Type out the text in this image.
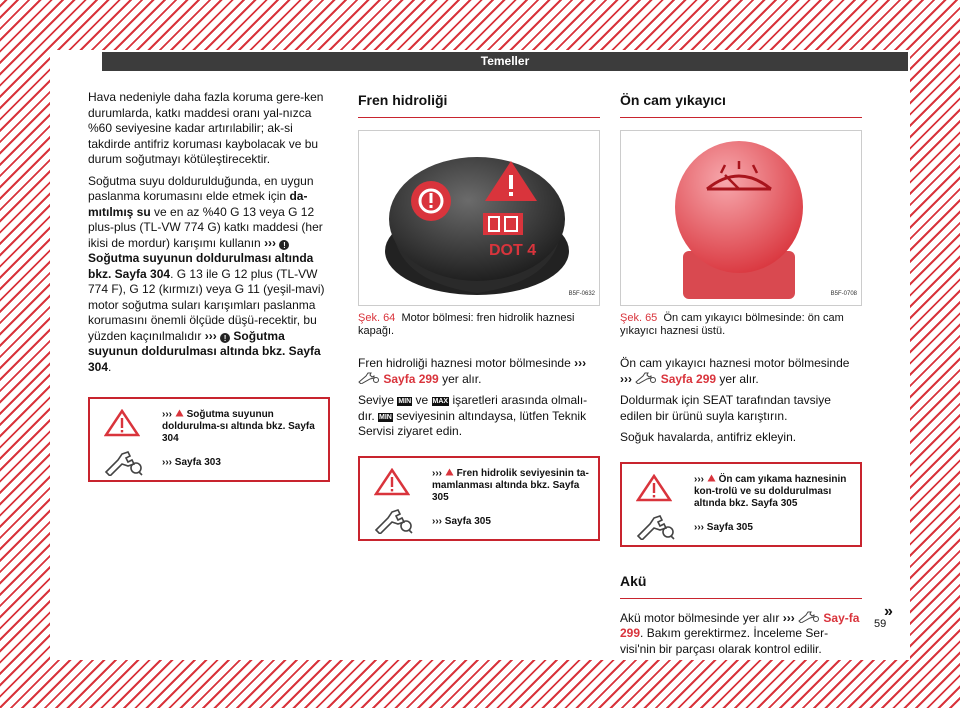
Temeller

Hava nedeniyle daha fazla koruma gere-ken durumlarda, katkı maddesi oranı yal-nızca %60 seviyesine kadar artırılabilir; ak-si takdirde antifriz koruması kaybolacak ve bu durum soğutmayı kötüleştirecektir.

Soğutma suyu doldurulduğunda, en uygun paslanma korumasını elde etmek için da-mıtılmış su ve en az %40 G 13 veya G 12 plus-plus (TL-VW 774 G) katkı maddesi (her ikisi de mordur) karışımı kullanın ››› ! Soğutma suyunun doldurulması altında bkz. Sayfa 304. G 13 ile G 12 plus (TL-VW 774 F), G 12 (kırmızı) veya G 11 (yeşil-mavi) motor soğutma suları karışımları paslanma korumasını önemli ölçüde düşü-recektir, bu yüzden kaçınılmalıdır ››› ! Soğutma suyunun doldurulması altında bkz. Sayfa 304.

››› Soğutma suyunun doldurulma-sı altında bkz. Sayfa 304
››› Sayfa 303
Fren hidroliği
DOT 4
B5F-0632
Şek. 64 Motor bölmesi: fren hidrolik haznesi kapağı.

Fren hidroliği haznesi motor bölmesinde ›››  Sayfa 299 yer alır.

Seviye MIN ve MAX işaretleri arasında olmalı-dır. MIN seviyesinin altındaysa, lütfen Teknik Servisi ziyaret edin.

››› Fren hidrolik seviyesinin ta-mamlanması altında bkz. Sayfa 305
››› Sayfa 305
Ön cam yıkayıcı
B5F-0708
Şek. 65 Ön cam yıkayıcı bölmesinde: ön cam yıkayıcı haznesi üstü.

Ön cam yıkayıcı haznesi motor bölmesinde ››› Sayfa 299 yer alır.

Doldurmak için SEAT tarafından tavsiye edilen bir ürünü suyla karıştırın.

Soğuk havalarda, antifriz ekleyin.

››› Ön cam yıkama haznesinin kon-trolü ve su doldurulması altında bkz. Sayfa 305
››› Sayfa 305
Akü

Akü motor bölmesinde yer alır ››› Say-fa 299. Bakım gerektirmez. İnceleme Ser-visi'nin bir parçası olarak kontrol edilir.

»
59
